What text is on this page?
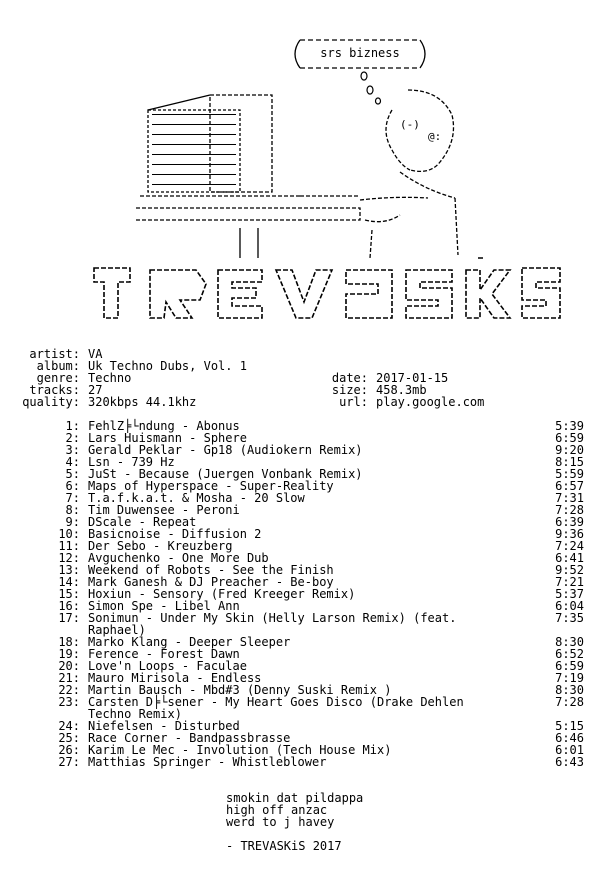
srs bizness
(-)
@:
TREVASKiS
artist: VA
album: Uk Techno Dubs, Vol. 1
genre: Techno
tracks: 27
quality: 320kbps 44.1khz
date: 2017-01-15
size: 458.3mb
url: play.google.com
1: FehlZ╞└ndung - Abonus	5:39
2: Lars Huismann - Sphere	6:59
3: Gerald Peklar - Gp18 (Audiokern Remix)	9:20
4: Lsn - 739 Hz	8:15
5: JuSt - Because (Juergen Vonbank Remix)	5:59
6: Maps of Hyperspace - Super-Reality	6:57
7: T.a.f.k.a.t. & Mosha - 20 Slow	7:31
8: Tim Duwensee - Peroni	7:28
9: DScale - Repeat	6:39
10: Basicnoise - Diffusion 2	9:36
11: Der Sebo - Kreuzberg	7:24
12: Avguchenko - One More Dub	6:41
13: Weekend of Robots - See the Finish	9:52
14: Mark Ganesh & DJ Preacher - Be-boy	7:21
15: Hoxiun - Sensory (Fred Kreeger Remix)	5:37
16: Simon Spe - Libel Ann	6:04
17: Sonimun - Under My Skin (Helly Larson Remix) (feat.	7:35
Raphael)
18: Marko Klang - Deeper Sleeper	8:30
19: Ference - Forest Dawn	6:52
20: Love'n Loops - Faculae	6:59
21: Mauro Mirisola - Endless	7:19
22: Martin Bausch - Mbd#3 (Denny Suski Remix )	8:30
23: Carsten D╞└sener - My Heart Goes Disco (Drake Dehlen	7:28
Techno Remix)
24: Niefelsen - Disturbed	5:15
25: Race Corner - Bandpassbrasse	6:46
26: Karim Le Mec - Involution (Tech House Mix)	6:01
27: Matthias Springer - Whistleblower	6:43
smokin dat pildappa
high off anzac
werd to j havey
- TREVASKiS 2017
